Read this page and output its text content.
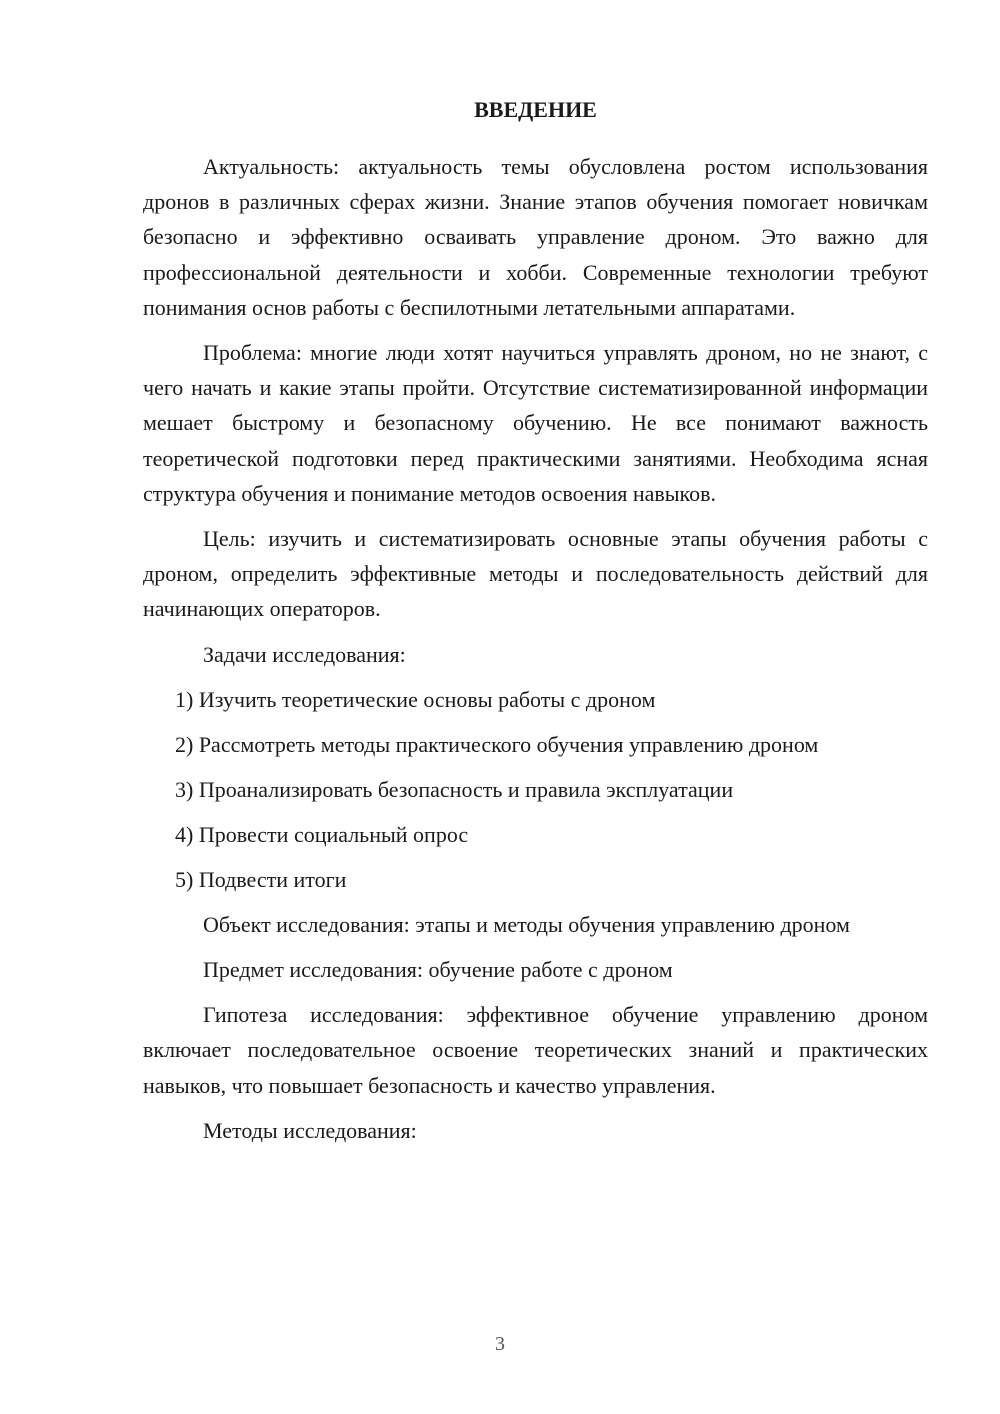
ВВЕДЕНИЕ

Актуальность: актуальность темы обусловлена ростом использования дронов в различных сферах жизни. Знание этапов обучения помогает новичкам безопасно и эффективно осваивать управление дроном. Это важно для профессиональной деятельности и хобби. Современные технологии требуют понимания основ работы с беспилотными летательными аппаратами.

Проблема: многие люди хотят научиться управлять дроном, но не знают, с чего начать и какие этапы пройти. Отсутствие систематизированной информации мешает быстрому и безопасному обучению. Не все понимают важность теоретической подготовки перед практическими занятиями. Необходима ясная структура обучения и понимание методов освоения навыков.

Цель: изучить и систематизировать основные этапы обучения работы с дроном, определить эффективные методы и последовательность действий для начинающих операторов.

Задачи исследования:

1) Изучить теоретические основы работы с дроном
2) Рассмотреть методы практического обучения управлению дроном
3) Проанализировать безопасность и правила эксплуатации
4) Провести социальный опрос
5) Подвести итоги

Объект исследования: этапы и методы обучения управлению дроном

Предмет исследования: обучение работе с дроном

Гипотеза исследования: эффективное обучение управлению дроном включает последовательное освоение теоретических знаний и практических навыков, что повышает безопасность и качество управления.

Методы исследования:

3
